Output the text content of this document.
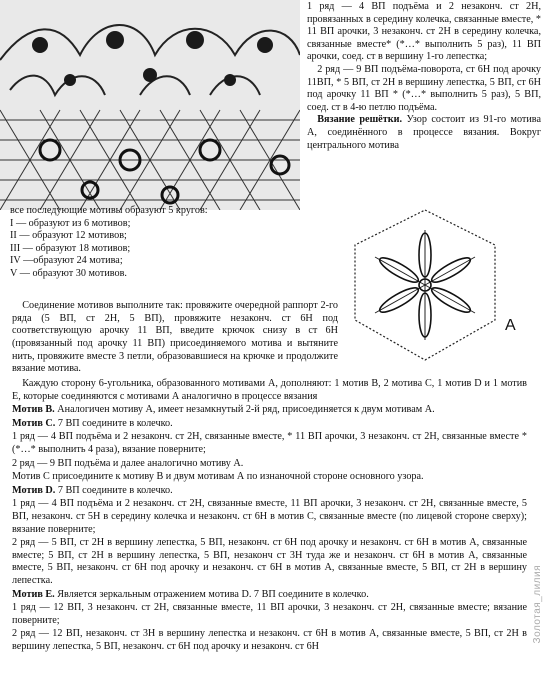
1 ряд — 4 ВП подъёма и 2 незаконч. ст 2Н, провязанных в середину колечка, связанные вместе, * 11 ВП арочки, 3 незаконч. ст 2Н в середину колечка, связанные вместе* (*…* выполнить 5 раз), 11 ВП арочки, соед. ст в вершину 1-го лепестка;

2 ряд — 9 ВП подъёма-поворота, ст 6Н под арочку 11ВП, * 5 ВП, ст 2Н в вершину лепестка, 5 ВП, ст 6Н под арочку 11 ВП * (*…* выполнить 5 раз), 5 ВП, соед. ст в 4-ю петлю подъёма.

Вязание решётки. Узор состоит из 91-го мотива А, соединённого в процессе вязания. Вокруг центрального мотива

все последующие мотивы образуют 5 кругов:

I — образуют из 6 мотивов;

II — образуют 12 мотивов;

III — образуют 18 мотивов;

IV —образуют 24 мотива;

V — образуют 30 мотивов.

Соединение мотивов выполните так: провяжите очередной раппорт 2-го ряда (5 ВП, ст 2Н, 5 ВП), провяжите незаконч. ст 6Н под соответствующую арочку 11 ВП, введите крючок снизу в ст 6Н (провязанный под арочку 11 ВП) присоединяемого мотива и вытяните нить, провяжите вместе 3 петли, образовавшиеся на крючке и продолжите вязание мотива.

А

Каждую сторону 6-угольника, образованного мотивами А, дополняют: 1 мотив В, 2 мотива С, 1 мотив D и 1 мотив Е, которые соединяются с мотивами А аналогично в процессе вязания

Мотив В. Аналогичен мотиву А, имеет незамкнутый 2-й ряд, присоединяется к двум мотивам А.

Мотив С. 7 ВП соедините в колечко.

1 ряд — 4 ВП подъёма и 2 незаконч. ст 2Н, связанные вместе, * 11 ВП арочки, 3 незаконч. ст 2Н, связанные вместе * (*…* выполнить 4 раза), вязание поверните;

2 ряд — 9 ВП подъёма и далее аналогично мотиву А.

Мотив С присоедините к мотиву В и двум мотивам А по изнаночной стороне основного узора.

Мотив D. 7 ВП соедините в колечко.

1 ряд — 4 ВП подъёма и 2 незаконч. ст 2Н, связанные вместе, 11 ВП арочки, 3 незаконч. ст 2Н, связанные вместе, 5 ВП, незаконч. ст 5Н в середину колечка и незаконч. ст 6Н в мотив С, связанные вместе (по лицевой стороне сверху); вязание поверните;

2 ряд — 5 ВП, ст 2Н в вершину лепестка, 5 ВП, незаконч. ст 6Н под арочку и незаконч. ст 6Н в мотив А, связанные вместе; 5 ВП, ст 2Н в вершину лепестка, 5 ВП, незаконч ст 3Н туда же и незаконч. ст 6Н в мотив А, связанные вместе, 5 ВП, незаконч. ст 6Н под арочку и незаконч. ст 6Н в мотив А, связанные вместе, 5 ВП, ст 2Н в вершину лепестка.

Мотив Е. Является зеркальным отражением мотива D. 7 ВП соедините в колечко.

1 ряд — 12 ВП, 3 незаконч. ст 2Н, связанные вместе, 11 ВП арочки, 3 незаконч. ст 2Н, связанные вместе; вязание поверните;

2 ряд — 12 ВП, незаконч. ст 3Н в вершину лепестка и незаконч. ст 6Н в мотив А, связанные вместе, 5 ВП, ст 2Н в вершину лепестка, 5 ВП, незаконч. ст 6Н под арочку и незаконч. ст 6Н

Золотая_лилия
